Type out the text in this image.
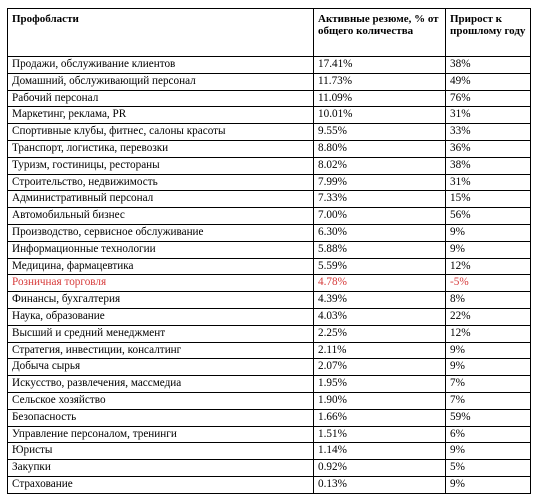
Профобласти	Активные резюме, % от общего количества	Прирост к прошлому году
Продажи, обслуживание клиентов	17.41%	38%
Домашний, обслуживающий персонал	11.73%	49%
Рабочий персонал	11.09%	76%
Маркетинг, реклама, PR	10.01%	31%
Спортивные клубы, фитнес, салоны красоты	9.55%	33%
Транспорт, логистика, перевозки	8.80%	36%
Туризм, гостиницы, рестораны	8.02%	38%
Строительство, недвижимость	7.99%	31%
Административный персонал	7.33%	15%
Автомобильный бизнес	7.00%	56%
Производство, сервисное обслуживание	6.30%	9%
Информационные технологии	5.88%	9%
Медицина, фармацевтика	5.59%	12%
Розничная торговля	4.78%	-5%
Финансы, бухгалтерия	4.39%	8%
Наука, образование	4.03%	22%
Высший и средний менеджмент	2.25%	12%
Стратегия, инвестиции, консалтинг	2.11%	9%
Добыча сырья	2.07%	9%
Искусство, развлечения, массмедиа	1.95%	7%
Сельское хозяйство	1.90%	7%
Безопасность	1.66%	59%
Управление персоналом, тренинги	1.51%	6%
Юристы	1.14%	9%
Закупки	0.92%	5%
Страхование	0.13%	9%
